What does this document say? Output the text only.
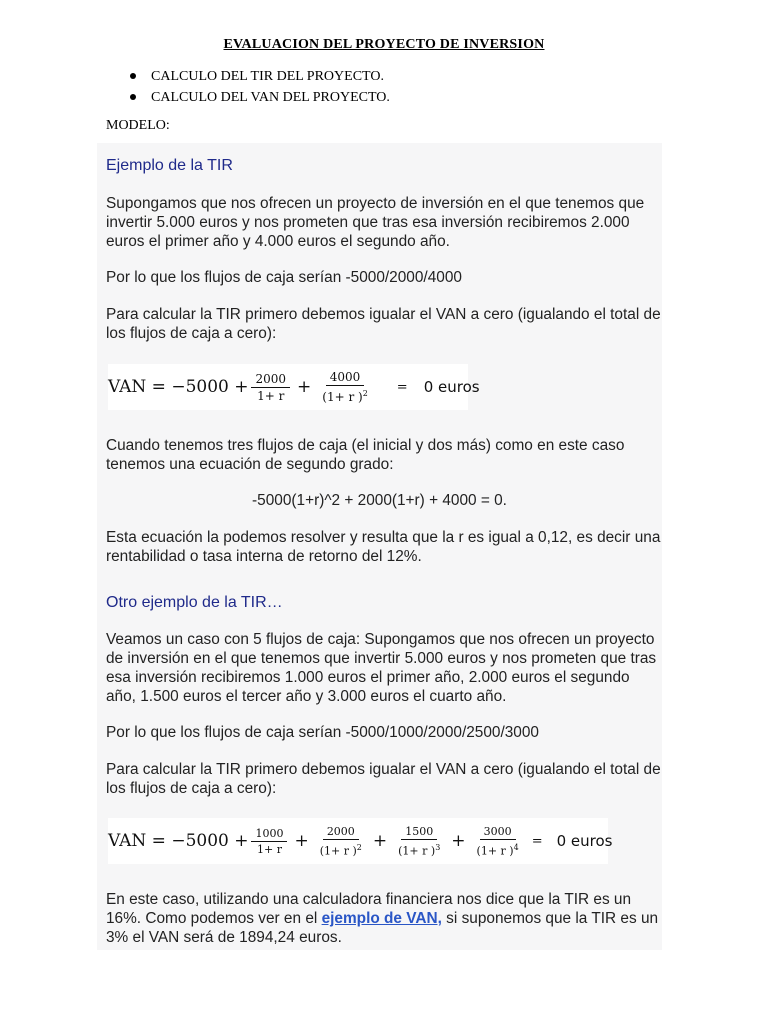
EVALUACION DEL PROYECTO DE INVERSION
CALCULO DEL TIR DEL PROYECTO.
CALCULO DEL VAN DEL PROYECTO.
MODELO:
Ejemplo de la TIR
Supongamos que nos ofrecen un proyecto de inversión en el que tenemos que invertir 5.000 euros y nos prometen que tras esa inversión recibiremos 2.000 euros el primer año y 4.000 euros el segundo año.
Por lo que los flujos de caja serían -5000/2000/4000
Para calcular la TIR primero debemos igualar el VAN a cero (igualando el total de los flujos de caja a cero):
VAN = $-5000 + \frac{2000}{1+ r} + \frac{4000}{(1+ r )^2} = 0$ euros
Cuando tenemos tres flujos de caja (el inicial y dos más) como en este caso tenemos una ecuación de segundo grado:
-5000(1+r)^2 + 2000(1+r) + 4000 = 0.
Esta ecuación la podemos resolver y resulta que la r es igual a 0,12, es decir una rentabilidad o tasa interna de retorno del 12%.
Otro ejemplo de la TIR…
Veamos un caso con 5 flujos de caja: Supongamos que nos ofrecen un proyecto de inversión en el que tenemos que invertir 5.000 euros y nos prometen que tras esa inversión recibiremos 1.000 euros el primer año, 2.000 euros el segundo año, 1.500 euros el tercer año y 3.000 euros el cuarto año.
Por lo que los flujos de caja serían -5000/1000/2000/2500/3000
Para calcular la TIR primero debemos igualar el VAN a cero (igualando el total de los flujos de caja a cero):
VAN = $-5000 + \frac{1000}{1+ r} + \frac{2000}{(1+ r )^2} + \frac{1500}{(1+ r )^3} + \frac{3000}{(1+ r )^4} = 0$ euros
En este caso, utilizando una calculadora financiera nos dice que la TIR es un 16%. Como podemos ver en el ejemplo de VAN, si suponemos que la TIR es un 3% el VAN será de 1894,24 euros.
